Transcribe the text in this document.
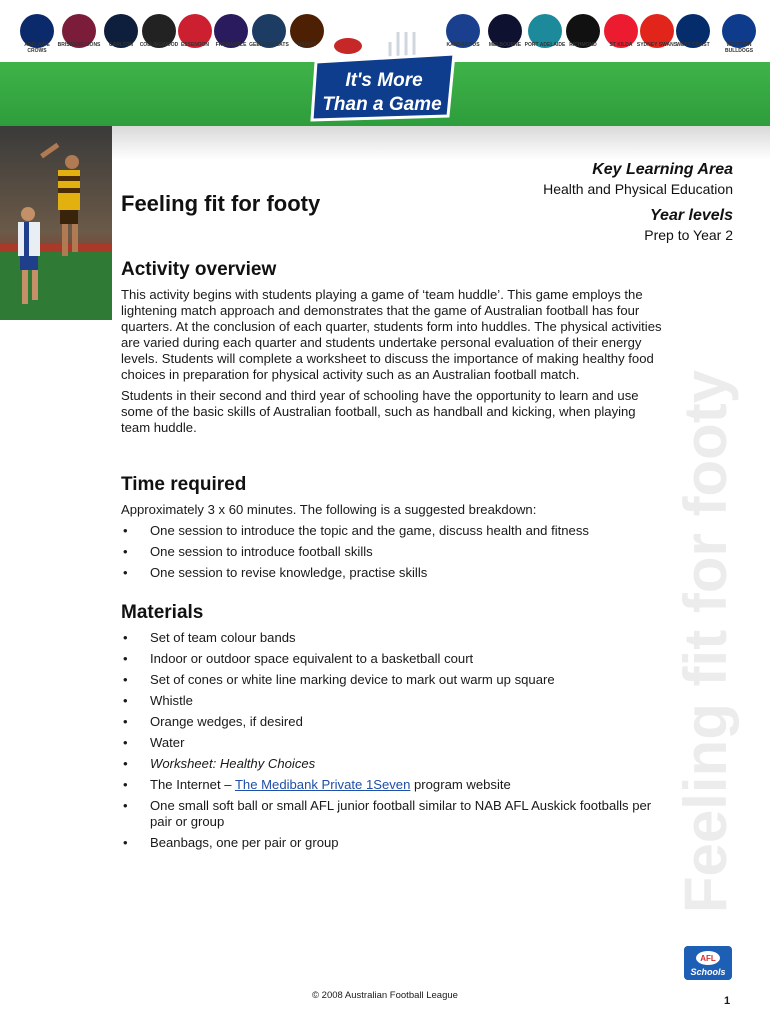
ADELAIDE CROWS
BRISBANE LIONS	CARLTON	COLLINGWOOD ESSENDON	FREMANTLE GEELONG CATS	HAWKS	KANGAROOS	MELBOURNE PORT ADELAIDE RICHMOND	ST KILDA SYDNEY SWANS WEST COAST	WESTERN BULLDOGS
It's More
Than a Game
Feeling fit for footy
Key Learning Area
Health and Physical Education
Year levels
Prep to Year 2
Activity overview

This activity begins with students playing a game of ‘team huddle’. This game employs the lightening match approach and demonstrates that the game of Australian football has four quarters. At the conclusion of each quarter, students form into huddles. The physical activities are varied during each quarter and students undertake personal evaluation of their energy levels. Students will complete a worksheet to discuss the importance of making healthy food choices in preparation for physical activity such as an Australian football match.

Students in their second and third year of schooling have the opportunity to learn and use some of the basic skills of Australian football, such as handball and kicking, when playing team huddle.

Time required

Approximately 3 x 60 minutes. The following is a suggested breakdown:

• One session to introduce the topic and the game, discuss health and fitness
• One session to introduce football skills
• One session to revise knowledge, practise skills
Materials
• Set of team colour bands
• Indoor or outdoor space equivalent to a basketball court
• Set of cones or white line marking device to mark out warm up square
• Whistle
• Orange wedges, if desired
• Water
• Worksheet: Healthy Choices
• The Internet – The Medibank Private 1Seven program website
• One small soft ball or small AFL junior football similar to NAB AFL Auskick footballs per pair or group
• Beanbags, one per pair or group	Feeling fit for footy
AFL
Schools
© 2008 Australian Football League	1
